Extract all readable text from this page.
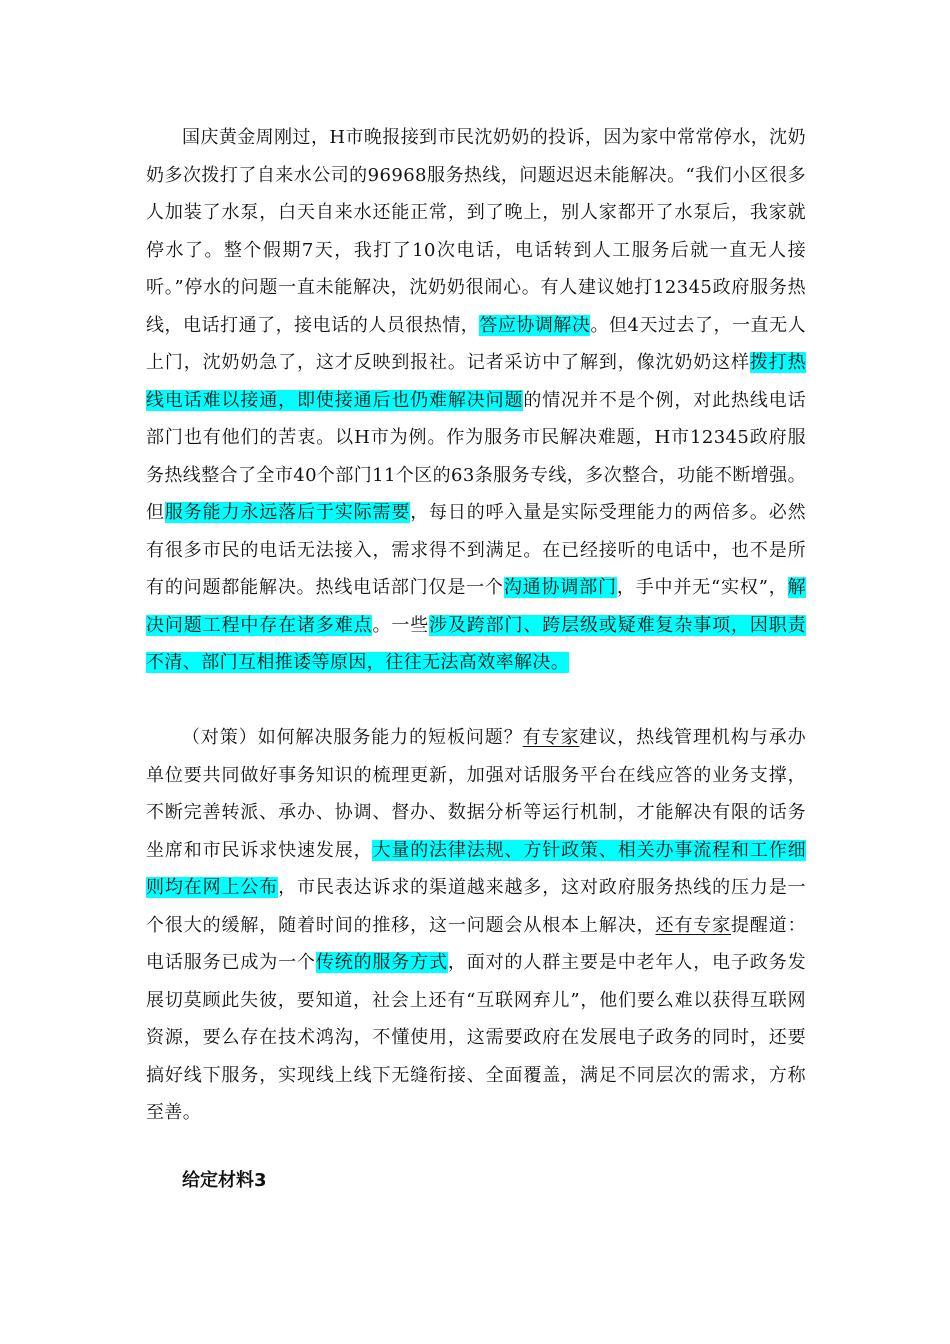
国庆黄金周刚过，H市晚报接到市民沈奶奶的投诉，因为家中常常停水，沈奶奶多次拨打了自来水公司的96968服务热线，问题迟迟未能解决。“我们小区很多人加装了水泵，白天自来水还能正常，到了晚上，别人家都开了水泵后，我家就停水了。整个假期7天，我打了10次电话，电话转到人工服务后就一直无人接听。”停水的问题一直未能解决，沈奶奶很闹心。有人建议她打12345政府服务热线，电话打通了，接电话的人员很热情，答应协调解决。但4天过去了，一直无人上门，沈奶奶急了，这才反映到报社。记者采访中了解到，像沈奶奶这样拨打热线电话难以接通，即使接通后也仍难解决问题的情况并不是个例，对此热线电话部门也有他们的苦衷。以H市为例。作为服务市民解决难题，H市12345政府服务热线整合了全市40个部门11个区的63条服务专线，多次整合，功能不断增强。但服务能力永远落后于实际需要，每日的呼入量是实际受理能力的两倍多。必然有很多市民的电话无法接入，需求得不到满足。在已经接听的电话中，也不是所有的问题都能解决。热线电话部门仅是一个沟通协调部门，手中并无“实权”，解决问题工程中存在诸多难点。一些涉及跨部门、跨层级或疑难复杂事项，因职责不清、部门互相推诿等原因，往往无法高效率解决。

（对策）如何解决服务能力的短板问题？有专家建议，热线管理机构与承办单位要共同做好事务知识的梳理更新，加强对话服务平台在线应答的业务支撑，不断完善转派、承办、协调、督办、数据分析等运行机制，才能解决有限的话务坐席和市民诉求快速发展，大量的法律法规、方针政策、相关办事流程和工作细则均在网上公布，市民表达诉求的渠道越来越多，这对政府服务热线的压力是一个很大的缓解，随着时间的推移，这一问题会从根本上解决，还有专家提醒道：电话服务已成为一个传统的服务方式，面对的人群主要是中老年人，电子政务发展切莫顾此失彼，要知道，社会上还有“互联网弃儿”，他们要么难以获得互联网资源，要么存在技术鸿沟，不懂使用，这需要政府在发展电子政务的同时，还要搞好线下服务，实现线上线下无缝衔接、全面覆盖，满足不同层次的需求，方称至善。

给定材料3
